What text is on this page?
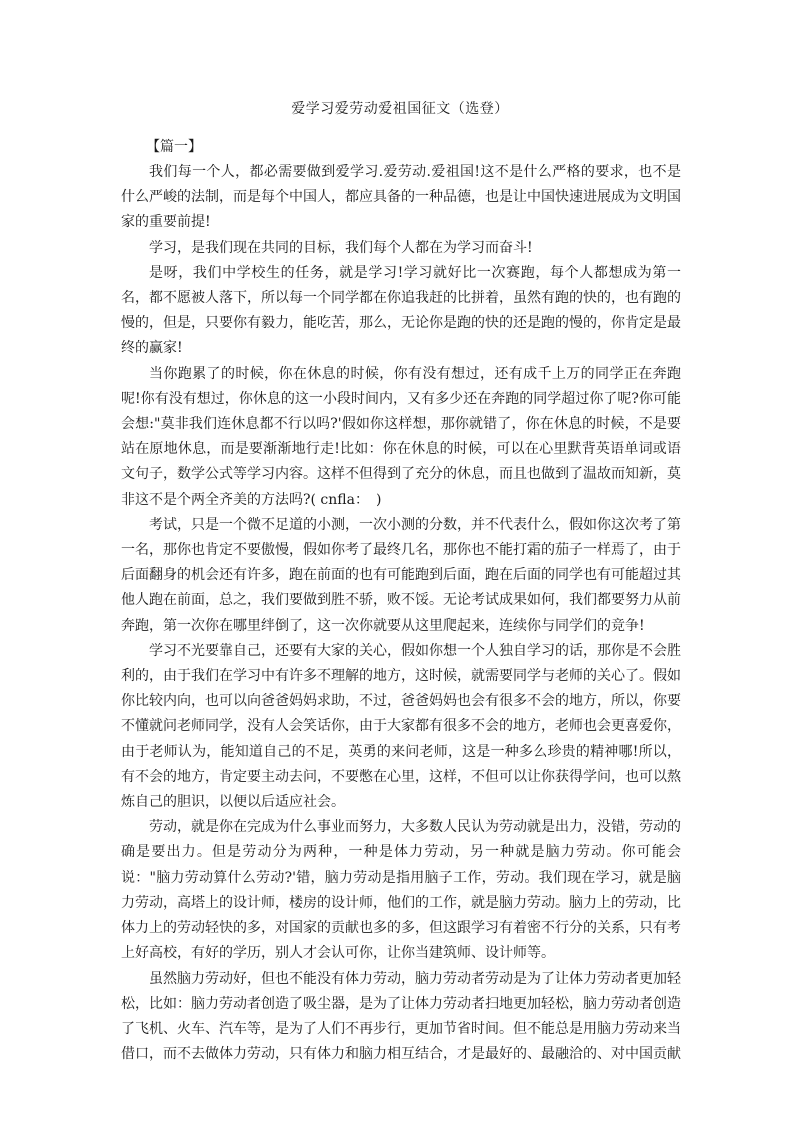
爱学习爱劳动爱祖国征文（选登）
【篇一】

我们每一个人，都必需要做到爱学习.爱劳动.爱祖国!这不是什么严格的要求，也不是什么严峻的法制，而是每个中国人，都应具备的一种品德，也是让中国快速进展成为文明国家的重要前提!

学习，是我们现在共同的目标，我们每个人都在为学习而奋斗!

是呀，我们中学校生的任务，就是学习!学习就好比一次赛跑，每个人都想成为第一名，都不愿被人落下，所以每一个同学都在你追我赶的比拼着，虽然有跑的快的，也有跑的慢的，但是，只要你有毅力，能吃苦，那么，无论你是跑的快的还是跑的慢的，你肯定是最终的赢家!

当你跑累了的时候，你在休息的时候，你有没有想过，还有成千上万的同学正在奔跑呢!你有没有想过，你休息的这一小段时间内，又有多少还在奔跑的同学超过你了呢?你可能会想:"莫非我们连休息都不行以吗?'假如你这样想，那你就错了，你在休息的时候，不是要站在原地休息，而是要渐渐地行走!比如：你在休息的时候，可以在心里默背英语单词或语文句子，数学公式等学习内容。这样不但得到了充分的休息，而且也做到了温故而知新，莫非这不是个两全齐美的方法吗?( cnfla：　)

考试，只是一个微不足道的小测，一次小测的分数，并不代表什么，假如你这次考了第一名，那你也肯定不要傲慢，假如你考了最终几名，那你也不能打霜的茄子一样焉了，由于后面翻身的机会还有许多，跑在前面的也有可能跑到后面，跑在后面的同学也有可能超过其他人跑在前面，总之，我们要做到胜不骄，败不馁。无论考试成果如何，我们都要努力从前奔跑，第一次你在哪里绊倒了，这一次你就要从这里爬起来，连续你与同学们的竞争!

学习不光要靠自己，还要有大家的关心，假如你想一个人独自学习的话，那你是不会胜利的，由于我们在学习中有许多不理解的地方，这时候，就需要同学与老师的关心了。假如你比较内向，也可以向爸爸妈妈求助，不过，爸爸妈妈也会有很多不会的地方，所以，你要不懂就问老师同学，没有人会笑话你，由于大家都有很多不会的地方，老师也会更喜爱你，由于老师认为，能知道自己的不足，英勇的来问老师，这是一种多么珍贵的精神哪!所以，有不会的地方，肯定要主动去问，不要憋在心里，这样，不但可以让你获得学问，也可以熬炼自己的胆识，以便以后适应社会。

劳动，就是你在完成为什么事业而努力，大多数人民认为劳动就是出力，没错，劳动的确是要出力。但是劳动分为两种，一种是体力劳动，另一种就是脑力劳动。你可能会说："脑力劳动算什么劳动?'错，脑力劳动是指用脑子工作，劳动。我们现在学习，就是脑力劳动，高塔上的设计师，楼房的设计师，他们的工作，就是脑力劳动。脑力上的劳动，比体力上的劳动轻快的多，对国家的贡献也多的多，但这跟学习有着密不行分的关系，只有考上好高校，有好的学历，别人才会认可你，让你当建筑师、设计师等。

虽然脑力劳动好，但也不能没有体力劳动，脑力劳动者劳动是为了让体力劳动者更加轻松，比如：脑力劳动者创造了吸尘器，是为了让体力劳动者扫地更加轻松，脑力劳动者创造了飞机、火车、汽车等，是为了人们不再步行，更加节省时间。但不能总是用脑力劳动来当借口，而不去做体力劳动，只有体力和脑力相互结合，才是最好的、最融洽的、对中国贡献
